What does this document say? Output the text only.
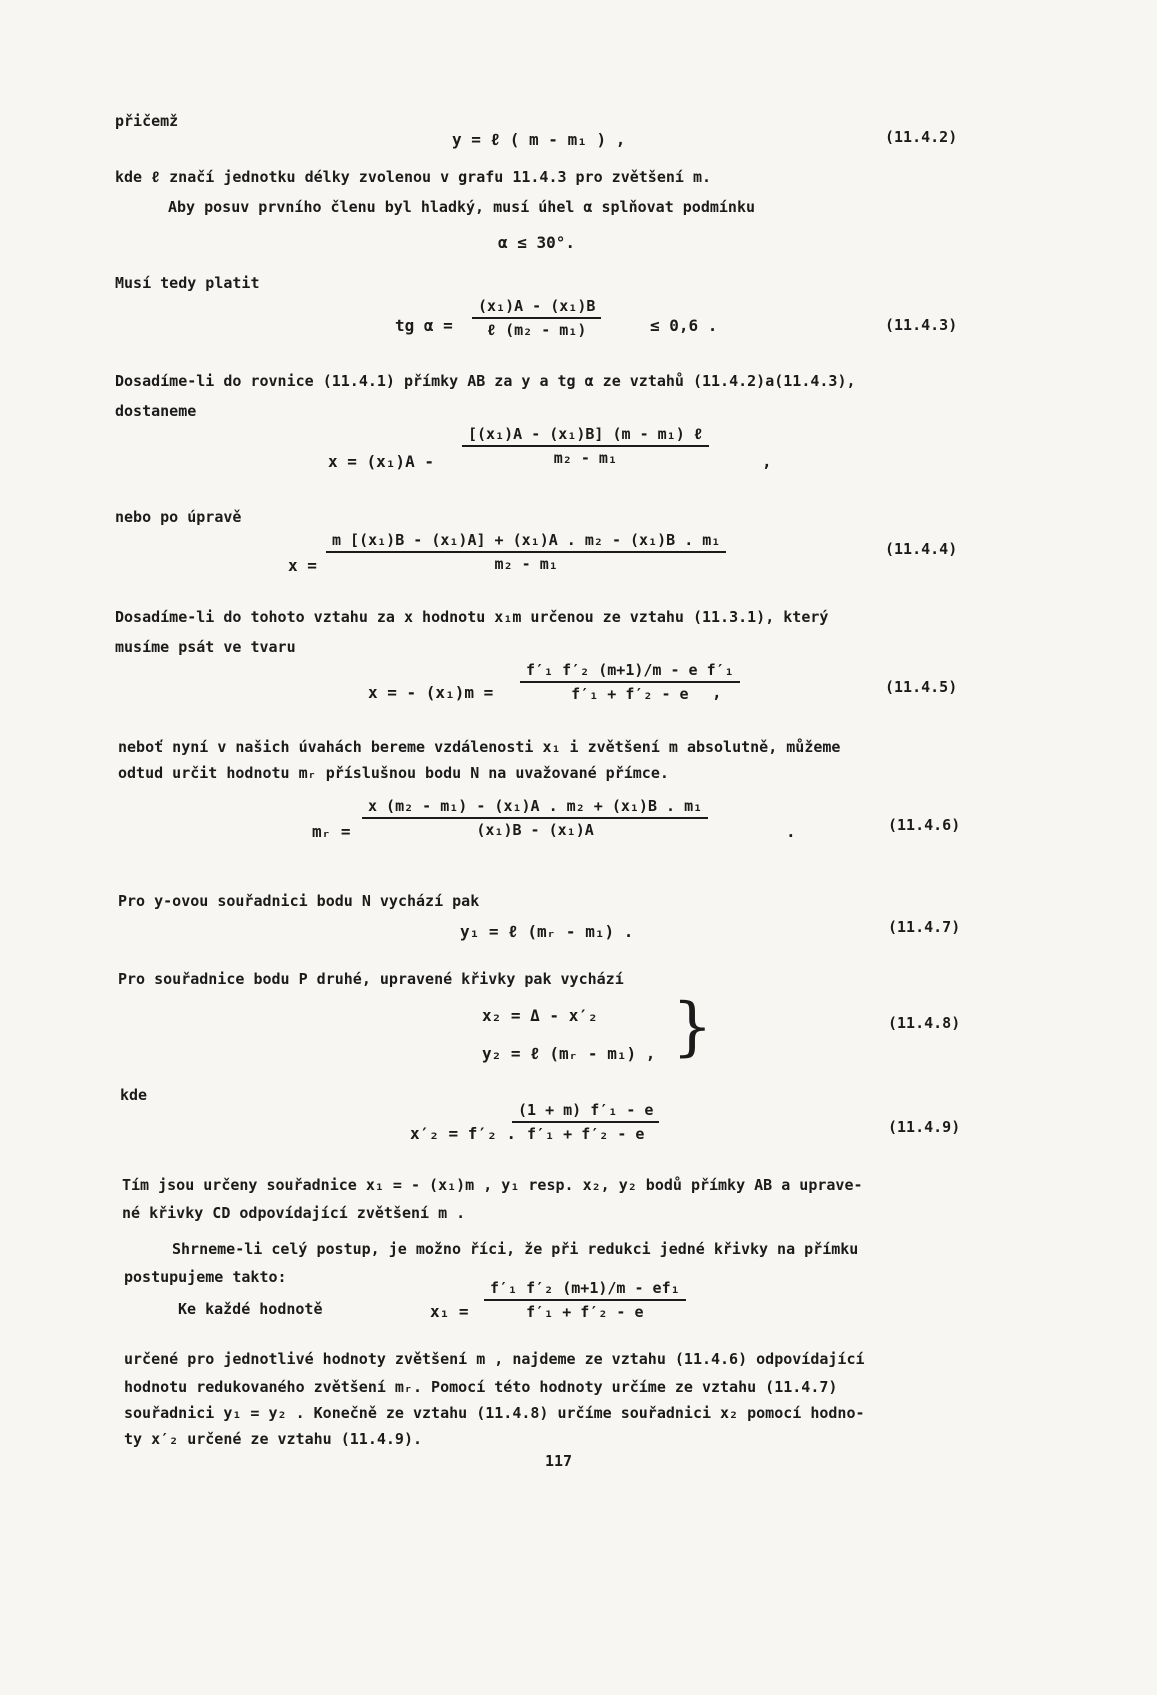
přičemž
y = ℓ ( m - m₁ ) ,	(11.4.2)
kde ℓ značí jednotku délky zvolenou v grafu 11.4.3 pro zvětšení m.
Aby posuv prvního členu byl hladký, musí úhel α splňovat podmínku
α ≤ 30°.
Musí tedy platit
tg α =
(x₁)A - (x₁)B
ℓ (m₂ - m₁)	≤ 0,6 .	(11.4.3)
Dosadíme-li do rovnice (11.4.1) přímky AB za y a tg α ze vztahů (11.4.2)a(11.4.3),
dostaneme
x = (x₁)A -
[(x₁)A - (x₁)B] (m - m₁) ℓ
m₂ - m₁	,
nebo po úpravě
x =
m [(x₁)B - (x₁)A] + (x₁)A . m₂ - (x₁)B . m₁
m₂ - m₁
(11.4.4)
Dosadíme-li do tohoto vztahu za x hodnotu x₁m určenou ze vztahu (11.3.1), který
musíme psát ve tvaru
x = - (x₁)m =
f′₁ f′₂ (m+1)/m - e f′₁
f′₁ + f′₂ - e	,	(11.4.5)
neboť nyní v našich úvahách bereme vzdálenosti x₁ i zvětšení m absolutně, můžeme
odtud určit hodnotu mᵣ příslušnou bodu N na uvažované přímce.
mᵣ =
x (m₂ - m₁) - (x₁)A . m₂ + (x₁)B . m₁
(x₁)B - (x₁)A	.	(11.4.6)
Pro y-ovou souřadnici bodu N vychází pak
y₁ = ℓ (mᵣ - m₁) .	(11.4.7)
Pro souřadnice bodu P druhé, upravené křivky pak vychází
x₂ = Δ - x′₂
y₂ = ℓ (mᵣ - m₁) , }	(11.4.8)
kde
x′₂ = f′₂ .
(1 + m) f′₁ - e
f′₁ + f′₂ - e	(11.4.9)
Tím jsou určeny souřadnice x₁ = - (x₁)m , y₁ resp. x₂, y₂ bodů přímky AB a uprave-
né křivky CD odpovídající zvětšení m .
Shrneme-li celý postup, je možno říci, že při redukci jedné křivky na přímku
postupujeme takto:
Ke každé hodnotě	x₁ =
f′₁ f′₂ (m+1)/m - ef₁
f′₁ + f′₂ - e
určené pro jednotlivé hodnoty zvětšení m , najdeme ze vztahu (11.4.6) odpovídající
hodnotu redukovaného zvětšení mᵣ. Pomocí této hodnoty určíme ze vztahu (11.4.7)
souřadnici y₁ = y₂ . Konečně ze vztahu (11.4.8) určíme souřadnici x₂ pomocí hodno-
ty x′₂ určené ze vztahu (11.4.9).
117
